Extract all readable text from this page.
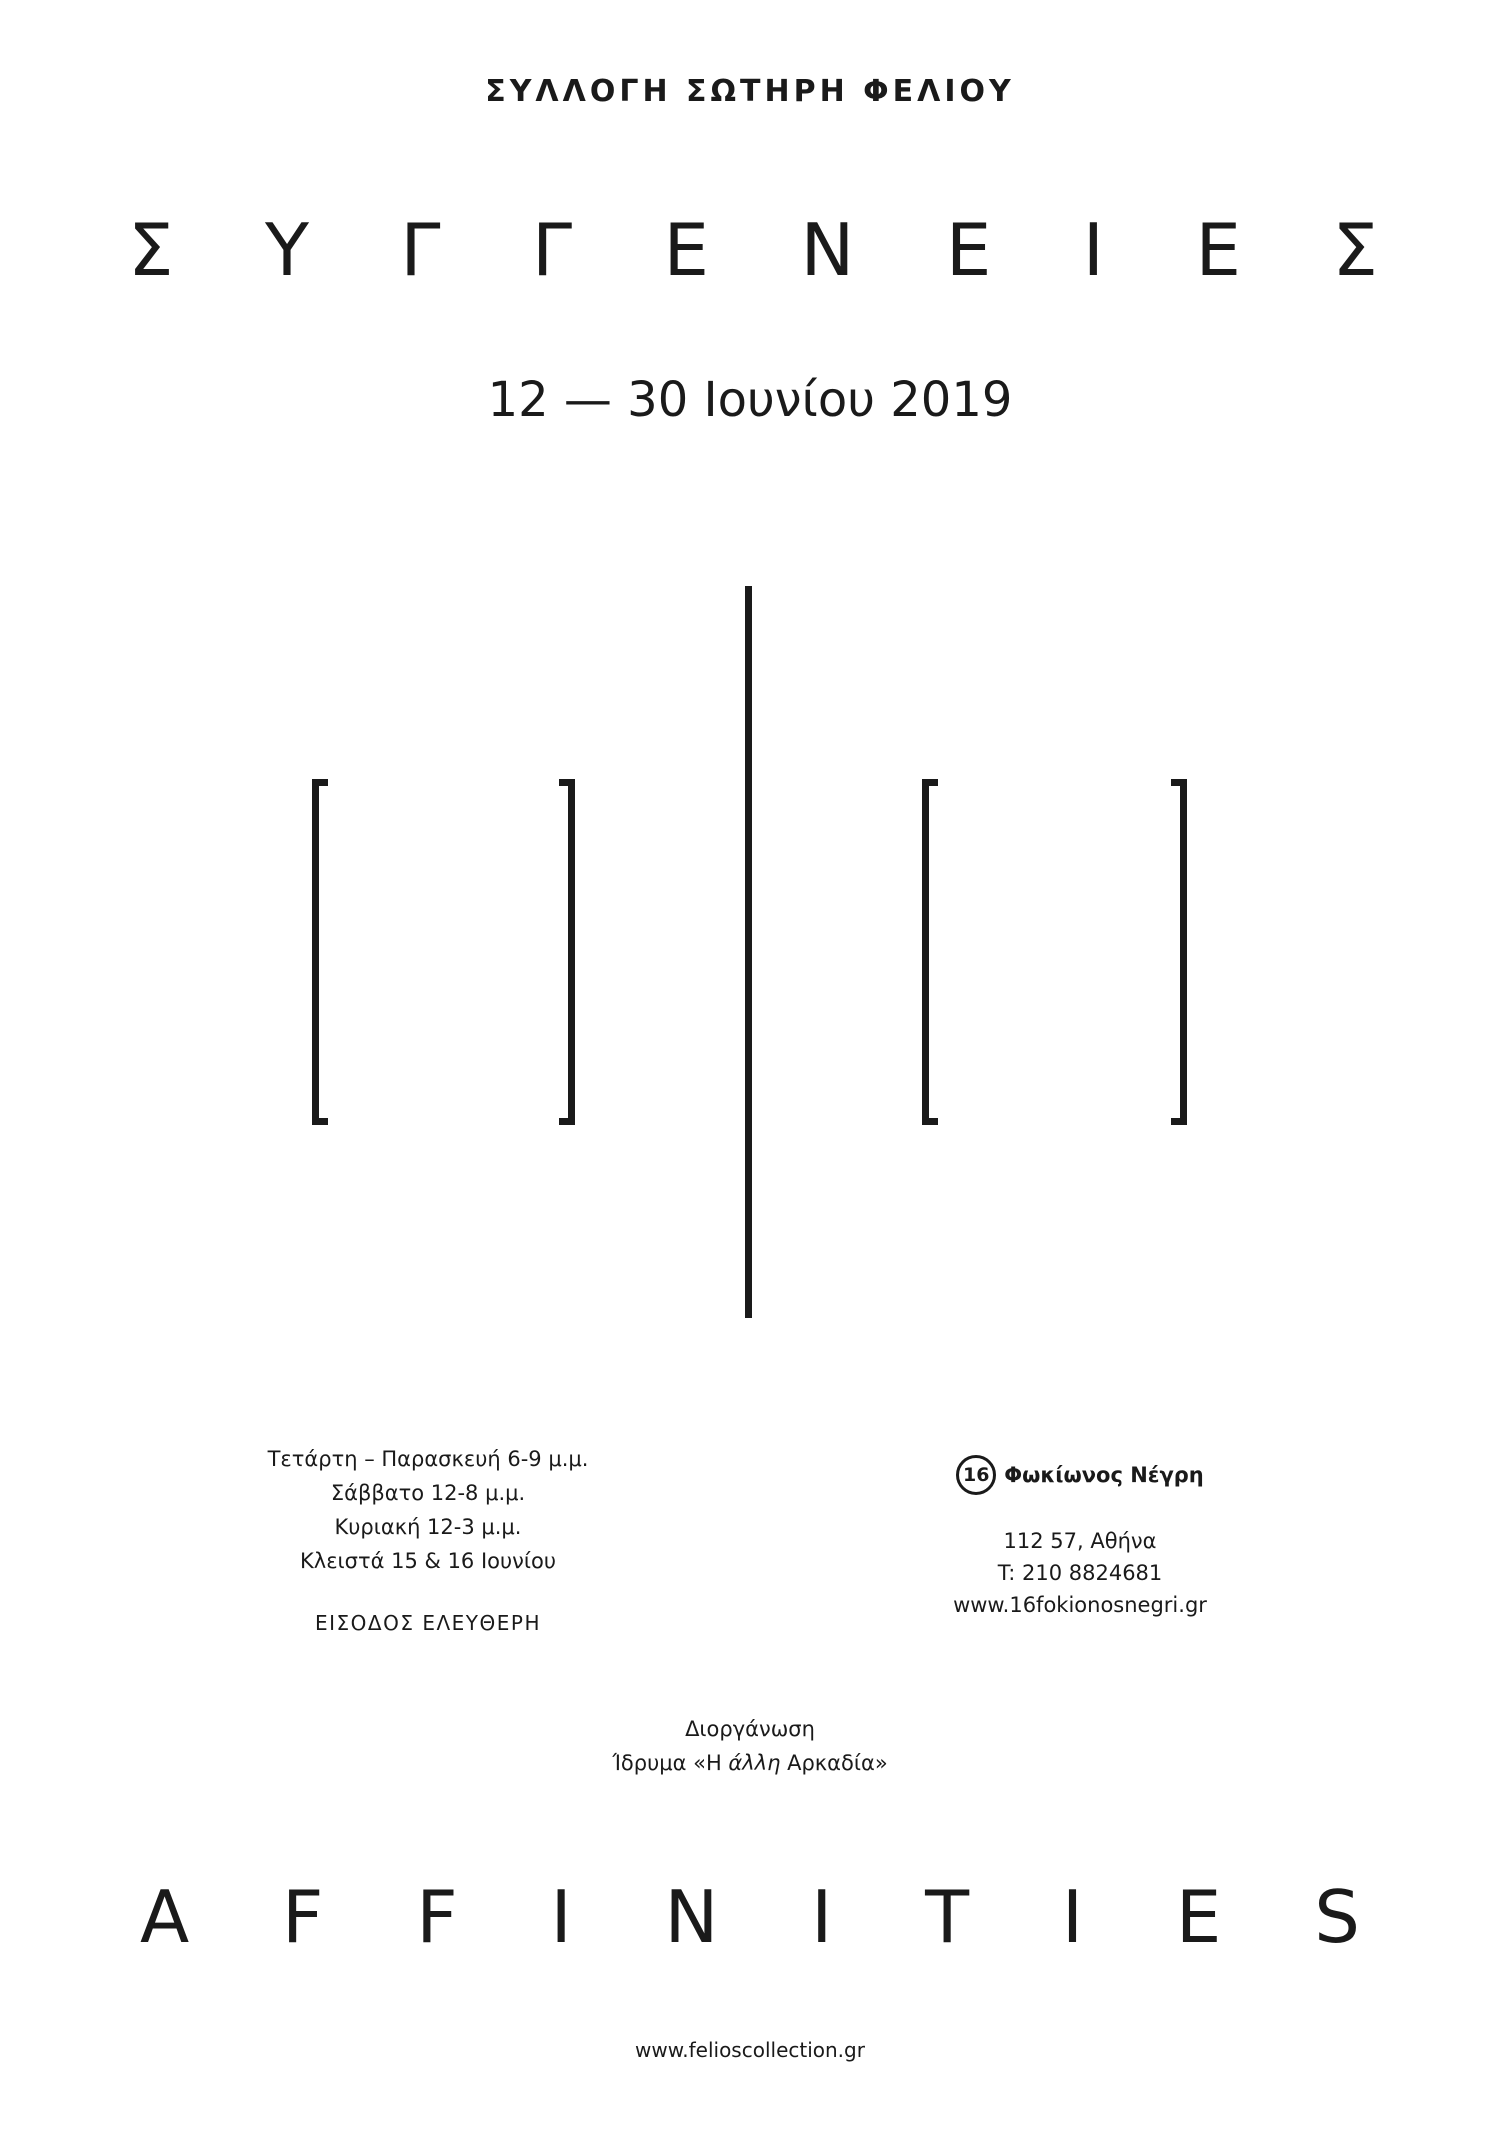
ΣΥΛΛΟΓΗ ΣΩΤΗΡΗ ΦΕΛΙΟΥ
Σ Υ Γ Γ Ε Ν Ε Ι Ε Σ
12 — 30 Ιουνίου 2019
Τετάρτη – Παρασκευή 6-9 μ.μ.
Σάββατο 12-8 μ.μ.
Κυριακή 12-3 μ.μ.
Κλειστά 15 & 16 Ιουνίου
ΕΙΣΟΔΟΣ ΕΛΕΥΘΕΡΗ
16 Φωκίωνος Νέγρη
112 57, Αθήνα
T: 210 8824681
www.16fokionosnegri.gr
Διοργάνωση
Ίδρυμα «Η άλλη Αρκαδία»
A F F I N I T I E S
www.felioscollection.gr
